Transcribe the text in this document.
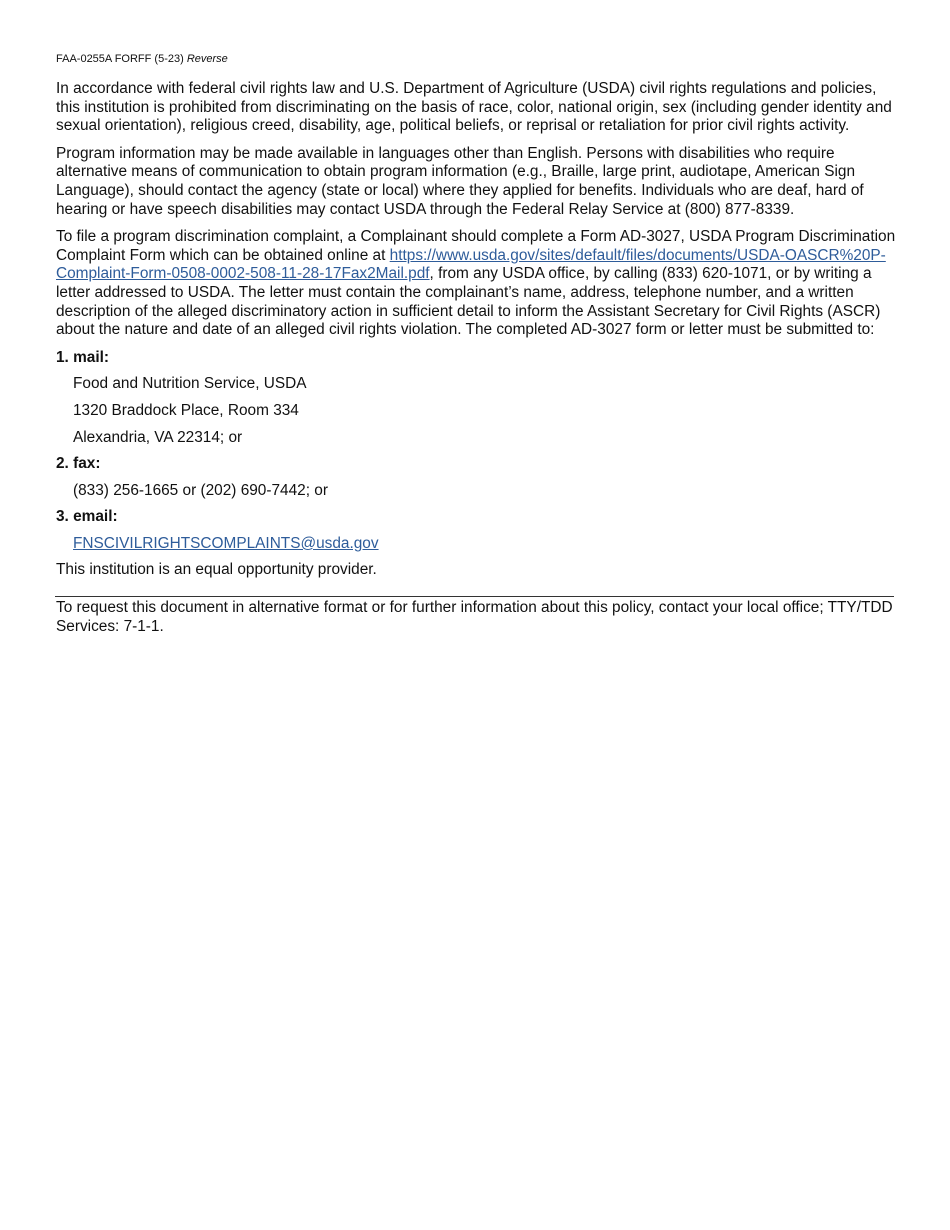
FAA-0255A FORFF (5-23) Reverse

In accordance with federal civil rights law and U.S. Department of Agriculture (USDA) civil rights regulations and policies, this institution is prohibited from discriminating on the basis of race, color, national origin, sex (including gender identity and sexual orientation), religious creed, disability, age, political beliefs, or reprisal or retaliation for prior civil rights activity.

Program information may be made available in languages other than English. Persons with disabilities who require alternative means of communication to obtain program information (e.g., Braille, large print, audiotape, American Sign Language), should contact the agency (state or local) where they applied for benefits. Individuals who are deaf, hard of hearing or have speech disabilities may contact USDA through the Federal Relay Service at (800) 877-8339.

To file a program discrimination complaint, a Complainant should complete a Form AD-3027, USDA Program Discrimination Complaint Form which can be obtained online at https://www.usda.gov/sites/default/files/documents/USDA-OASCR%20P-Complaint-Form-0508-0002-508-11-28-17Fax2Mail.pdf, from any USDA office, by calling (833) 620-1071, or by writing a letter addressed to USDA. The letter must contain the complainant’s name, address, telephone number, and a written description of the alleged discriminatory action in sufficient detail to inform the Assistant Secretary for Civil Rights (ASCR) about the nature and date of an alleged civil rights violation. The completed AD-3027 form or letter must be submitted to:

1. mail:
Food and Nutrition Service, USDA
1320 Braddock Place, Room 334
Alexandria, VA 22314; or
2. fax:
(833) 256-1665 or (202) 690-7442; or
3. email:
FNSCIVILRIGHTSCOMPLAINTS@usda.gov
This institution is an equal opportunity provider.

To request this document in alternative format or for further information about this policy, contact your local office; TTY/TDD Services: 7-1-1.
